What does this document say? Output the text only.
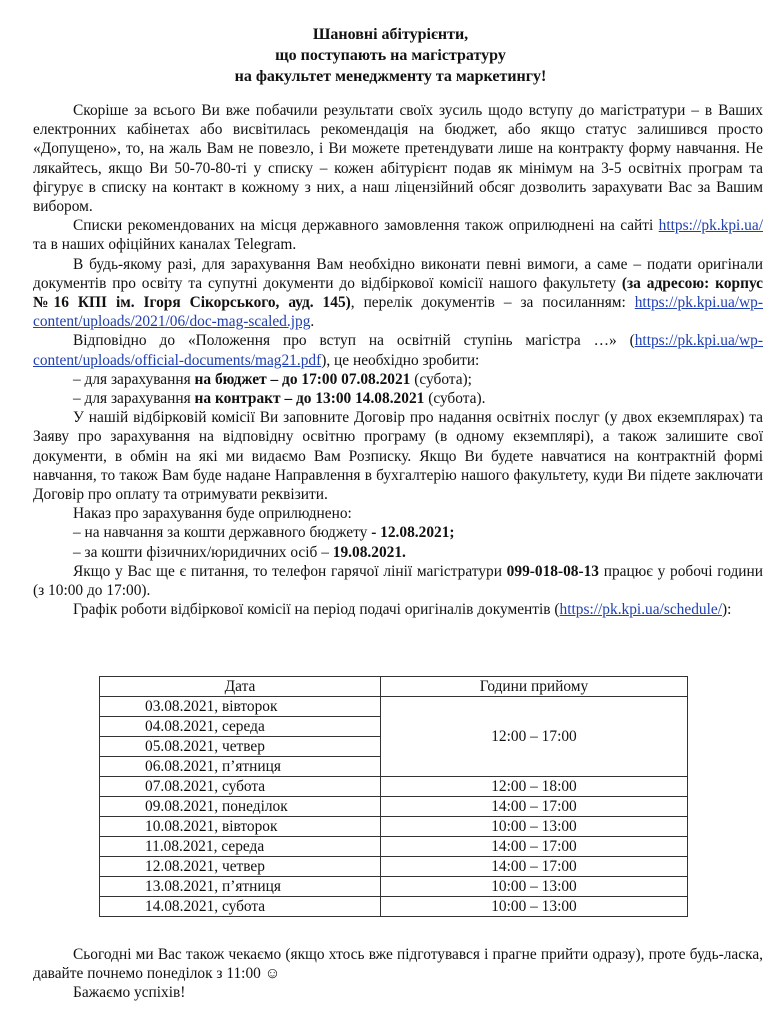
Шановні абітурієнти,
що поступають на магістратуру
на факультет менеджменту та маркетингу!

Скоріше за всього Ви вже побачили результати своїх зусиль щодо вступу до магістратури – в Ваших електронних кабінетах або висвітилась рекомендація на бюджет, або якщо статус залишився просто «Допущено», то, на жаль Вам не повезло, і Ви можете претендувати лише на контракту форму навчання. Не лякайтесь, якщо Ви 50-70-80-ті у списку – кожен абітурієнт подав як мінімум на 3-5 освітніх програм та фігурує в списку на контакт в кожному з них, а наш ліцензійний обсяг дозволить зарахувати Вас за Вашим вибором.

Списки рекомендованих на місця державного замовлення також оприлюднені на сайті https://pk.kpi.ua/ та в наших офіційних каналах Telegram.

В будь-якому разі, для зарахування Вам необхідно виконати певні вимоги, а саме – подати оригінали документів про освіту та супутні документи до відбіркової комісії нашого факультету (за адресою: корпус №16 КПІ ім. Ігоря Сікорського, ауд. 145), перелік документів – за посиланням: https://pk.kpi.ua/wp-content/uploads/2021/06/doc-mag-scaled.jpg.

Відповідно до «Положення про вступ на освітній ступінь магістра …» (https://pk.kpi.ua/wp-content/uploads/official-documents/mag21.pdf), це необхідно зробити:

– для зарахування на бюджет – до 17:00 07.08.2021 (субота);

– для зарахування на контракт – до 13:00 14.08.2021 (субота).

У нашій відбірковій комісії Ви заповните Договір про надання освітніх послуг (у двох екземплярах) та Заяву про зарахування на відповідну освітню програму (в одному екземплярі), а також залишите свої документи, в обмін на які ми видаємо Вам Розписку. Якщо Ви будете навчатися на контрактній формі навчання, то також Вам буде надане Направлення в бухгалтерію нашого факультету, куди Ви підете заключати Договір про оплату та отримувати реквізити.

Наказ про зарахування буде оприлюднено:

– на навчання за кошти державного бюджету - 12.08.2021;

– за кошти фізичних/юридичних осіб – 19.08.2021.

Якщо у Вас ще є питання, то телефон гарячої лінії магістратури 099-018-08-13 працює у робочі години (з 10:00 до 17:00).

Графік роботи відбіркової комісії на період подачі оригіналів документів (https://pk.kpi.ua/schedule/):

Дата	Години прийому
03.08.2021, вівторок	12:00 – 17:00
04.08.2021, середа	
05.08.2021, четвер	
06.08.2021, п’ятниця	
07.08.2021, субота	12:00 – 18:00
09.08.2021, понеділок	14:00 – 17:00
10.08.2021, вівторок	10:00 – 13:00
11.08.2021, середа	14:00 – 17:00
12.08.2021, четвер	14:00 – 17:00
13.08.2021, п’ятниця	10:00 – 13:00
14.08.2021, субота	10:00 – 13:00

Сьогодні ми Вас також чекаємо (якщо хтось вже підготувався і прагне прийти одразу), проте будь-ласка, давайте почнемо понеділок з 11:00 ☺

Бажаємо успіхів!
